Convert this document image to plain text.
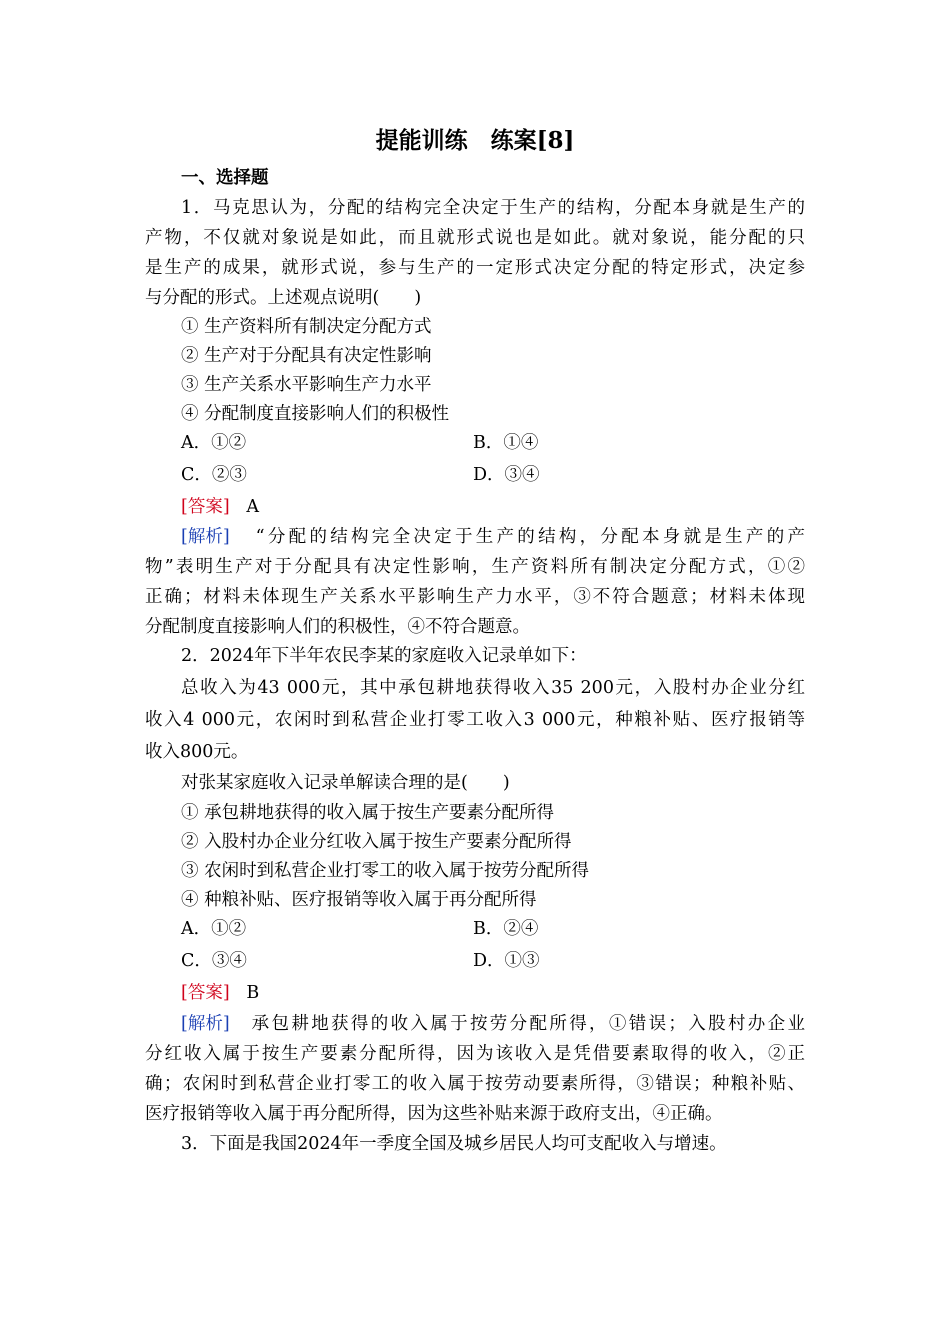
提能训练　练案[8]
一、选择题
1．马克思认为，分配的结构完全决定于生产的结构，分配本身就是生产的
产物，不仅就对象说是如此，而且就形式说也是如此。就对象说，能分配的只
是生产的成果，就形式说，参与生产的一定形式决定分配的特定形式，决定参
与分配的形式。上述观点说明(　　)
① 生产资料所有制决定分配方式
② 生产对于分配具有决定性影响
③ 生产关系水平影响生产力水平
④ 分配制度直接影响人们的积极性
A．①②	B．①④
C．②③	D．③④
[答案] A
[解析] “分配的结构完全决定于生产的结构，分配本身就是生产的产
物”表明生产对于分配具有决定性影响，生产资料所有制决定分配方式，①②
正确；材料未体现生产关系水平影响生产力水平，③不符合题意；材料未体现
分配制度直接影响人们的积极性，④不符合题意。
2．2024年下半年农民李某的家庭收入记录单如下：
总收入为43 000元，其中承包耕地获得收入35 200元，入股村办企业分红
收入4 000元，农闲时到私营企业打零工收入3 000元，种粮补贴、医疗报销等
收入800元。
对张某家庭收入记录单解读合理的是(　　)
① 承包耕地获得的收入属于按生产要素分配所得
② 入股村办企业分红收入属于按生产要素分配所得
③ 农闲时到私营企业打零工的收入属于按劳分配所得
④ 种粮补贴、医疗报销等收入属于再分配所得
A．①②	B．②④
C．③④	D．①③
[答案] B
[解析] 承包耕地获得的收入属于按劳分配所得，①错误；入股村办企业
分红收入属于按生产要素分配所得，因为该收入是凭借要素取得的收入，②正
确；农闲时到私营企业打零工的收入属于按劳动要素所得，③错误；种粮补贴、
医疗报销等收入属于再分配所得，因为这些补贴来源于政府支出，④正确。
3．下面是我国2024年一季度全国及城乡居民人均可支配收入与增速。
